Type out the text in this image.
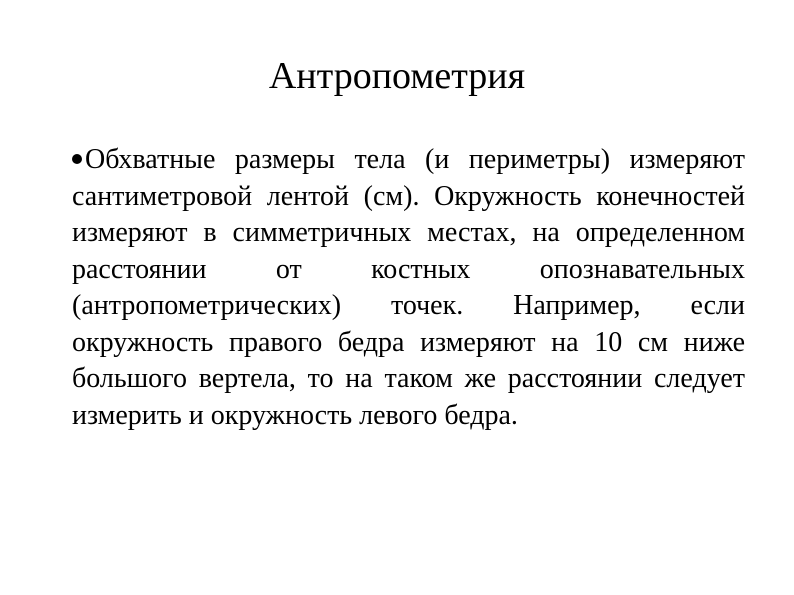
Антропометрия
Обхватные размеры тела (и периметры) измеряют сантиметровой лентой (см). Окружность конечностей измеряют в симметричных местах, на определенном расстоянии от костных опознавательных (антропометрических) точек. Например, если окружность правого бедра измеряют на 10 см ниже большого вертела, то на таком же расстоянии следует измерить и окружность левого бедра.
